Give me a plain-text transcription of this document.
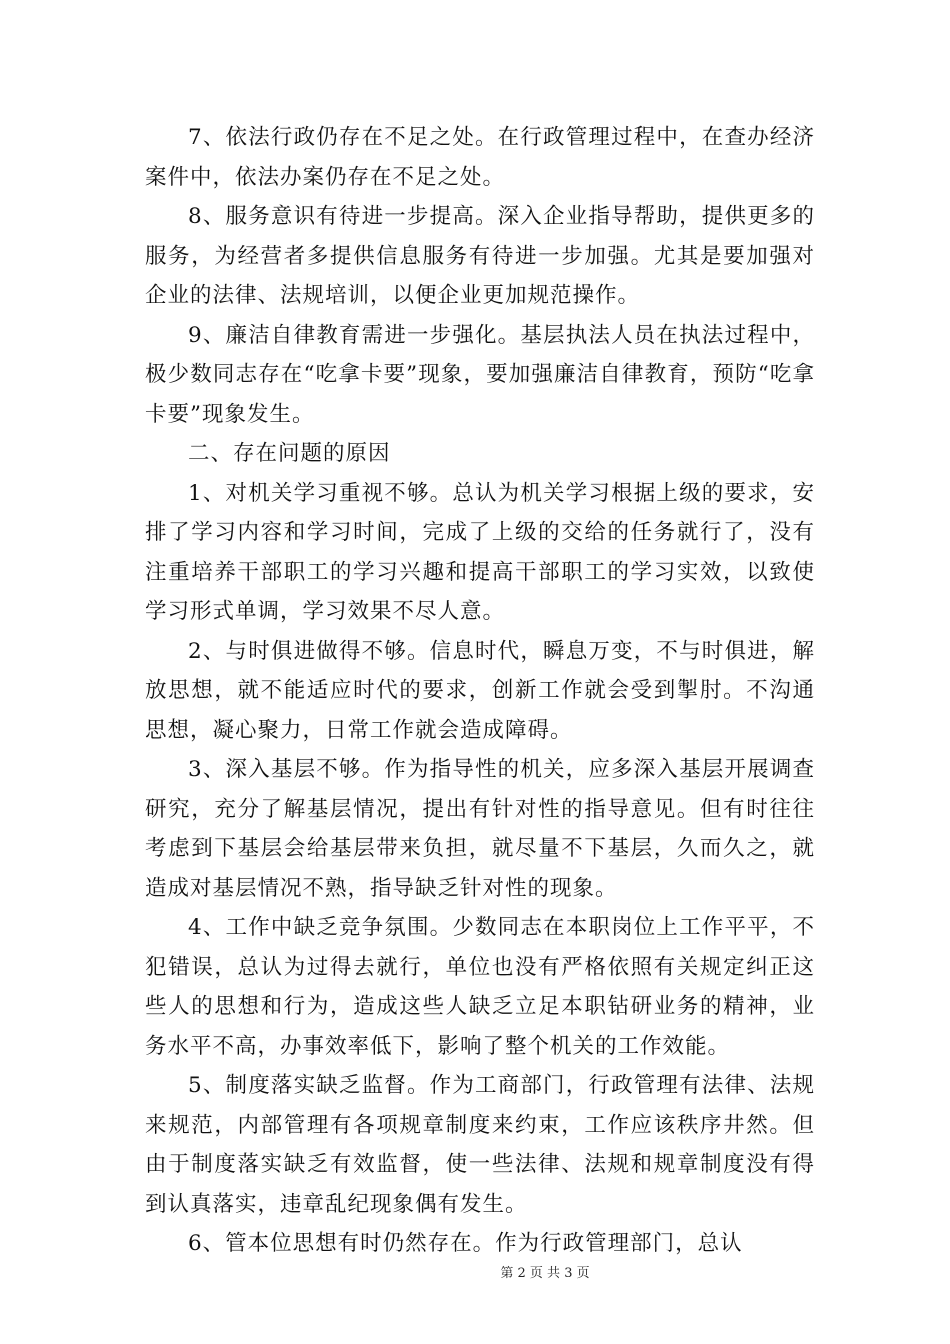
7、依法行政仍存在不足之处。在行政管理过程中，在查办经济案件中，依法办案仍存在不足之处。

8、服务意识有待进一步提高。深入企业指导帮助，提供更多的服务，为经营者多提供信息服务有待进一步加强。尤其是要加强对企业的法律、法规培训，以便企业更加规范操作。

9、廉洁自律教育需进一步强化。基层执法人员在执法过程中，极少数同志存在“吃拿卡要”现象，要加强廉洁自律教育，预防“吃拿卡要”现象发生。

二、存在问题的原因

1、对机关学习重视不够。总认为机关学习根据上级的要求，安排了学习内容和学习时间，完成了上级的交给的任务就行了，没有注重培养干部职工的学习兴趣和提高干部职工的学习实效，以致使学习形式单调，学习效果不尽人意。

2、与时俱进做得不够。信息时代，瞬息万变，不与时俱进，解放思想，就不能适应时代的要求，创新工作就会受到掣肘。不沟通思想，凝心聚力，日常工作就会造成障碍。

3、深入基层不够。作为指导性的机关，应多深入基层开展调查研究，充分了解基层情况，提出有针对性的指导意见。但有时往往考虑到下基层会给基层带来负担，就尽量不下基层，久而久之，就造成对基层情况不熟，指导缺乏针对性的现象。

4、工作中缺乏竞争氛围。少数同志在本职岗位上工作平平，不犯错误，总认为过得去就行，单位也没有严格依照有关规定纠正这些人的思想和行为，造成这些人缺乏立足本职钻研业务的精神，业务水平不高，办事效率低下，影响了整个机关的工作效能。

5、制度落实缺乏监督。作为工商部门，行政管理有法律、法规来规范，内部管理有各项规章制度来约束，工作应该秩序井然。但由于制度落实缺乏有效监督，使一些法律、法规和规章制度没有得到认真落实，违章乱纪现象偶有发生。

6、管本位思想有时仍然存在。作为行政管理部门，总认

第 2 页 共 3 页
